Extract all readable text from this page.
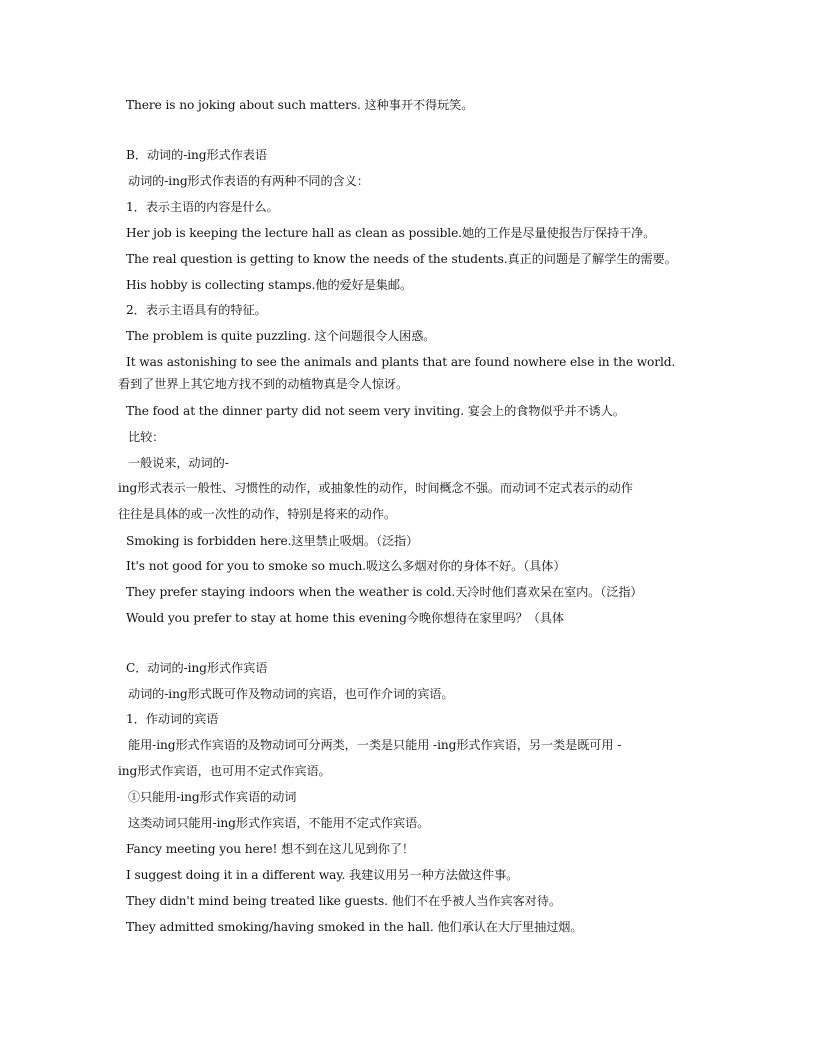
There is no joking about such matters. 这种事开不得玩笑。
B．动词的-ing形式作表语
动词的-ing形式作表语的有两种不同的含义：
1．表示主语的内容是什么。
Her job is keeping the lecture hall as clean as possible.她的工作是尽量使报告厅保持干净。
The real question is getting to know the needs of the students.真正的问题是了解学生的需要。
His hobby is collecting stamps.他的爱好是集邮。
2．表示主语具有的特征。
The problem is quite puzzling. 这个问题很令人困惑。
It was astonishing to see the animals and plants that are found nowhere else in the world.
看到了世界上其它地方找不到的动植物真是令人惊讶。
The food at the dinner party did not seem very inviting. 宴会上的食物似乎并不诱人。
比较：
一般说来，动词的-
ing形式表示一般性、习惯性的动作，或抽象性的动作，时间概念不强。而动词不定式表示的动作
往往是具体的或一次性的动作，特别是将来的动作。
Smoking is forbidden here.这里禁止吸烟。（泛指）
It's not good for you to smoke so much.吸这么多烟对你的身体不好。（具体）
They prefer staying indoors when the weather is cold.天冷时他们喜欢呆在室内。（泛指）
Would you prefer to stay at home this evening今晚你想待在家里吗？（具体
C．动词的-ing形式作宾语
动词的-ing形式既可作及物动词的宾语，也可作介词的宾语。
1．作动词的宾语
能用-ing形式作宾语的及物动词可分两类，一类是只能用 -ing形式作宾语，另一类是既可用 -
ing形式作宾语，也可用不定式作宾语。
①只能用-ing形式作宾语的动词
这类动词只能用-ing形式作宾语，不能用不定式作宾语。
Fancy meeting you here! 想不到在这儿见到你了！
I suggest doing it in a different way. 我建议用另一种方法做这件事。
They didn't mind being treated like guests. 他们不在乎被人当作宾客对待。
They admitted smoking/having smoked in the hall. 他们承认在大厅里抽过烟。
